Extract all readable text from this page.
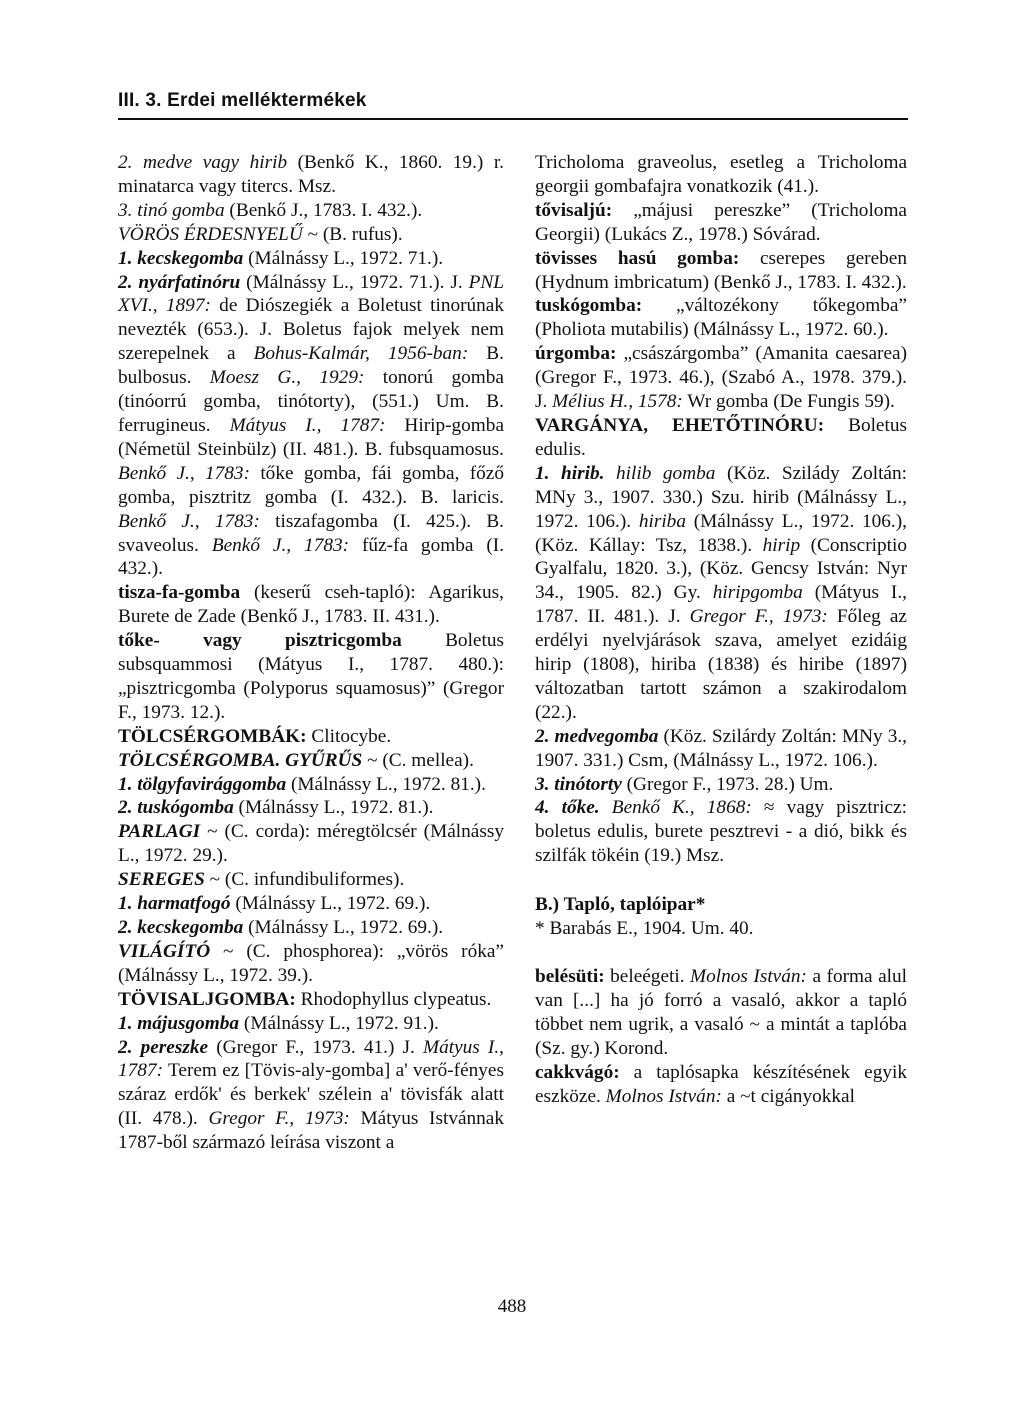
III. 3. Erdei melléktermékek

2. medve vagy hirib (Benkő K., 1860. 19.) r. minatarca vagy titercs. Msz.

3. tinó gomba (Benkő J., 1783. I. 432.).

VÖRÖS ÉRDESNYELŰ ~ (B. rufus).

1. kecskegomba (Málnássy L., 1972. 71.).

2. nyárfatinóru (Málnássy L., 1972. 71.). J. PNL XVI., 1897: de Diószegiék a Boletust tinorúnak nevezték (653.). J. Boletus fajok melyek nem szerepelnek a Bohus-Kalmár, 1956-ban: B. bulbosus. Moesz G., 1929: tonorú gomba (tinóorrú gomba, tinótorty), (551.) Um. B. ferrugineus. Mátyus I., 1787: Hirip-gomba (Németül Steinbülz) (II. 481.). B. fubsquamosus. Benkő J., 1783: tőke gomba, fái gomba, főző gomba, pisztritz gomba (I. 432.). B. laricis. Benkő J., 1783: tiszafagomba (I. 425.). B. svaveolus. Benkő J., 1783: fűz-fa gomba (I. 432.).

tisza-fa-gomba (keserű cseh-tapló): Agarikus, Burete de Zade (Benkő J., 1783. II. 431.).

tőke- vagy pisztricgomba Boletus subsquammosi (Mátyus I., 1787. 480.): „pisztricgomba (Polyporus squamosus)” (Gregor F., 1973. 12.).

TÖLCSÉRGOMBÁK: Clitocybe.

TÖLCSÉRGOMBA. GYŰRŰS ~ (C. mellea).

1. tölgyfavirággomba (Málnássy L., 1972. 81.).

2. tuskógomba (Málnássy L., 1972. 81.).

PARLAGI ~ (C. corda): méregtölcsér (Málnássy L., 1972. 29.).

SEREGES ~ (C. infundibuliformes).

1. harmatfogó (Málnássy L., 1972. 69.).

2. kecskegomba (Málnássy L., 1972. 69.).

VILÁGÍTÓ ~ (C. phosphorea): „vörös róka” (Málnássy L., 1972. 39.).

TÖVISALJGOMBA: Rhodophyllus clypeatus.

1. májusgomba (Málnássy L., 1972. 91.).

2. pereszke (Gregor F., 1973. 41.) J. Mátyus I., 1787: Terem ez [Tövis-aly-gomba] a' verő-fényes száraz erdők' és berkek' szélein a' tövisfák alatt (II. 478.). Gregor F., 1973: Mátyus Istvánnak 1787-ből származó leírása viszont a

Tricholoma graveolus, esetleg a Tricholoma georgii gombafajra vonatkozik (41.).

tővisaljú: „májusi pereszke” (Tricholoma Georgii) (Lukács Z., 1978.) Sóvárad.

tövisses hasú gomba: cserepes gereben (Hydnum imbricatum) (Benkő J., 1783. I. 432.).

tuskógomba: „változékony tőkegomba” (Pholiota mutabilis) (Málnássy L., 1972. 60.).

úrgomba: „császárgomba” (Amanita caesarea) (Gregor F., 1973. 46.), (Szabó A., 1978. 379.). J. Mélius H., 1578: Wr gomba (De Fungis 59).

VARGÁNYA, EHETŐTINÓRU: Boletus edulis.

1. hirib. hilib gomba (Köz. Sziládу Zoltán: MNy 3., 1907. 330.) Szu. hirib (Málnássy L., 1972. 106.). hiriba (Málnássy L., 1972. 106.), (Köz. Kállay: Tsz, 1838.). hirip (Conscriptio Gyalfalu, 1820. 3.), (Köz. Gencsy István: Nyr 34., 1905. 82.) Gy. hiripgomba (Mátyus I., 1787. II. 481.). J. Gregor F., 1973: Főleg az erdélyi nyelvjárások szava, amelyet ezidáig hirip (1808), hiriba (1838) és hiribe (1897) változatban tartott számon a szakirodalom (22.).

2. medvegomba (Köz. Szilárdy Zoltán: MNy 3., 1907. 331.) Csm, (Málnássy L., 1972. 106.).

3. tinótorty (Gregor F., 1973. 28.) Um.

4. tőke. Benkő K., 1868: ≈ vagy pisztricz: boletus edulis, burete pesztrevi - a dió, bikk és szilfák tökéin (19.) Msz.

B.) Tapló, taplóipar*

* Barabás E., 1904. Um. 40.

belésüti: beleégeti. Molnos István: a forma alul van [...] ha jó forró a vasaló, akkor a tapló többet nem ugrik, a vasaló ~ a mintát a taplóba (Sz. gy.) Korond.

cakkvágó: a taplósapka készítésének egyik eszköze. Molnos István: a ~t cigányokkal

488
